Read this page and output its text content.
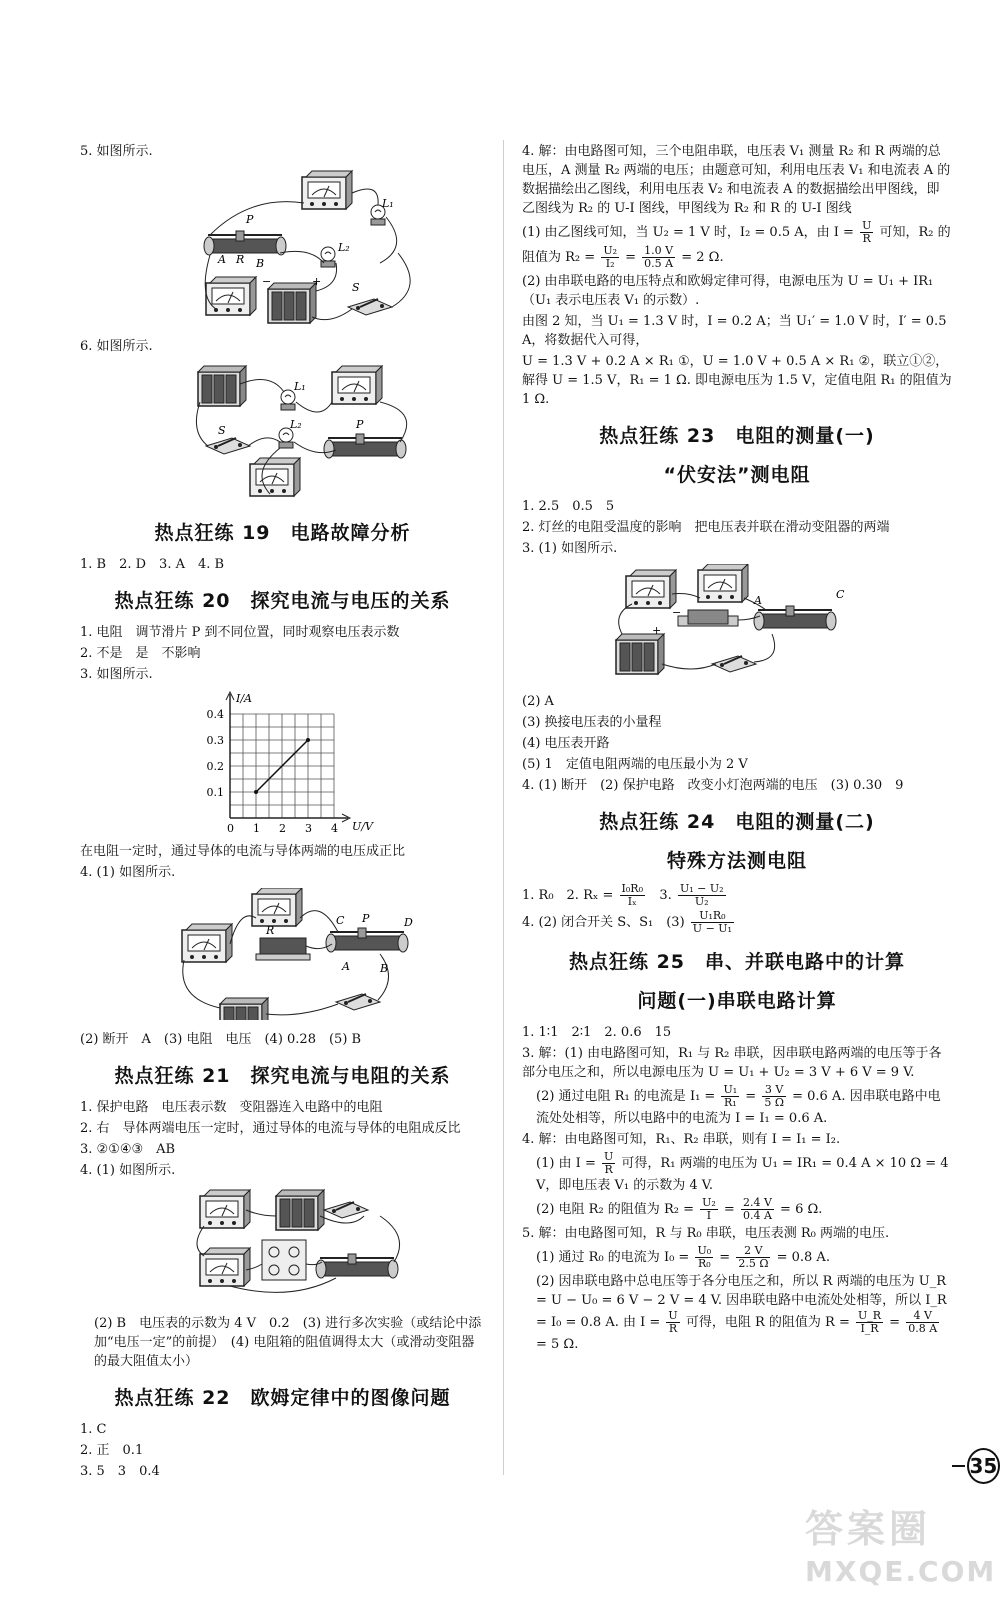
5. 如图所示.
P
A R B
L₁
L₂
S
+
−
6. 如图所示.
L₁
L₂
S	P
热点狂练 19　电路故障分析
1. B　2. D　3. A　4. B
热点狂练 20　探究电流与电压的关系
1. 电阻　调节滑片 P 到不同位置，同时观察电压表示数
2. 不是　是　不影响
3. 如图所示.
I/A
U/V
0.1
0.2
0.3
0.4
0 1 2 3 4
在电阻一定时，通过导体的电流与导体两端的电压成正比
4. (1) 如图所示.
R
C P	D
A	B
(2) 断开　A　(3) 电阻　电压　(4) 0.28　(5) B
热点狂练 21　探究电流与电阻的关系
1. 保护电路　电压表示数　变阻器连入电路中的电阻
2. 右　导体两端电压一定时，通过导体的电流与导体的电阻成反比
3. ②①④③　AB
4. (1) 如图所示.
(2) B　电压表的示数为 4 V　0.2　(3) 进行多次实验（或结论中添加“电压一定”的前提）　(4) 电阻箱的阻值调得太大（或滑动变阻器的最大阻值太小）
热点狂练 22　欧姆定律中的图像问题
1. C
2. 正　0.1
3. 5　3　0.4
4. 解：由电路图可知，三个电阻串联，电压表 V₁ 测量 R₂ 和 R 两端的总电压，A 测量 R₂ 两端的电压；由题意可知，利用电压表 V₁ 和电流表 A 的数据描绘出乙图线，利用电压表 V₂ 和电流表 A 的数据描绘出甲图线，即乙图线为 R₂ 的 U-I 图线，甲图线为 R₂ 和 R 的 U-I 图线
(1) 由乙图线可知，当 U₂ = 1 V 时，I₂ = 0.5 A，由 $I = \frac{U}{R}$ 可知，R₂ 的阻值为 $R_2 = \frac{\text{U₂}}{\text{I₂}} = \frac{1.0 V}{0.5 A} = 2$ Ω.
(2) 由串联电路的电压特点和欧姆定律可得，电源电压为 U = U₁ + IR₁（U₁ 表示电压表 V₁ 的示数）.
由图 2 知，当 U₁ = 1.3 V 时，I = 0.2 A；当 U₁′ = 1.0 V 时，I′ = 0.5 A，将数据代入可得，
U = 1.3 V + 0.2 A × R₁ ①，U = 1.0 V + 0.5 A × R₁ ②，联立①②，解得 U = 1.5 V，R₁ = 1 Ω. 即电源电压为 1.5 V，定值电阻 R₁ 的阻值为 1 Ω.
热点狂练 23　电阻的测量(一)
“伏安法”测电阻
1. 2.5　0.5　5
2. 灯丝的电阻受温度的影响　把电压表并联在滑动变阻器的两端
3. (1) 如图所示.
A	C
−
+
(2) A
(3) 换接电压表的小量程
(4) 电压表开路
(5) 1　定值电阻两端的电压最小为 2 V
4. (1) 断开　(2) 保护电路　改变小灯泡两端的电压　(3) 0.30　9
热点狂练 24　电阻的测量(二)
特殊方法测电阻
1. R₀　2. $R_x = \frac{\text{I₀R₀}}{\text{Iₓ}} 3$. $\frac{\text{U₁ − U₂}}{\text{U₂}}$
4. (2) 闭合开关 S、S₁　$(3) \frac{\text{U₁R₀}}{\text{U − U₁}}$
热点狂练 25　串、并联电路中的计算
问题(一)串联电路计算
1. 1∶1　2∶1　2. 0.6　15
3. 解：(1) 由电路图可知，R₁ 与 R₂ 串联，因串联电路两端的电压等于各部分电压之和，所以电源电压为 U = U₁ + U₂ = 3 V + 6 V = 9 V.
(2) 通过电阻 R₁ 的电流是 $I_1 = \frac{\text{U₁}}{\text{R₁}} = \frac{3 V}{5 \Omega} = 0.6$ A. 因串联电路中电流处处相等，所以电路中的电流为 I = I₁ = 0.6 A.
4. 解：由电路图可知，R₁、R₂ 串联，则有 I = I₁ = I₂.
(1) 由 $I = \frac{U}{R}$ 可得，R₁ 两端的电压为 U₁ = IR₁ = 0.4 A × 10 Ω = 4 V，即电压表 V₁ 的示数为 4 V.
(2) 电阻 R₂ 的阻值为 $R_2 = \frac{\text{U₂}}{I} = \frac{2.4 V}{0.4 A} = 6$ Ω.
5. 解：由电路图可知，R 与 R₀ 串联，电压表测 R₀ 两端的电压.
(1) 通过 R₀ 的电流为 $I_0 = \frac{\text{U₀}}{\text{R₀}} = \frac{2 V}{2.5 \Omega} = 0.8$ A.
(2) 因串联电路中总电压等于各分电压之和，所以 R 两端的电压为 U_R = U − U₀ = 6 V − 2 V = 4 V. 因串联电路中电流处处相等，所以 I_R = I₀ = 0.8 A. 由 $I = \frac{U}{R}$ 可得，电阻 R 的阻值为 $R = \frac{U\_R}{I\_R} = \frac{4 V}{0.8 A}$
= 5 Ω.
35
答案圈
MXQE.COM
